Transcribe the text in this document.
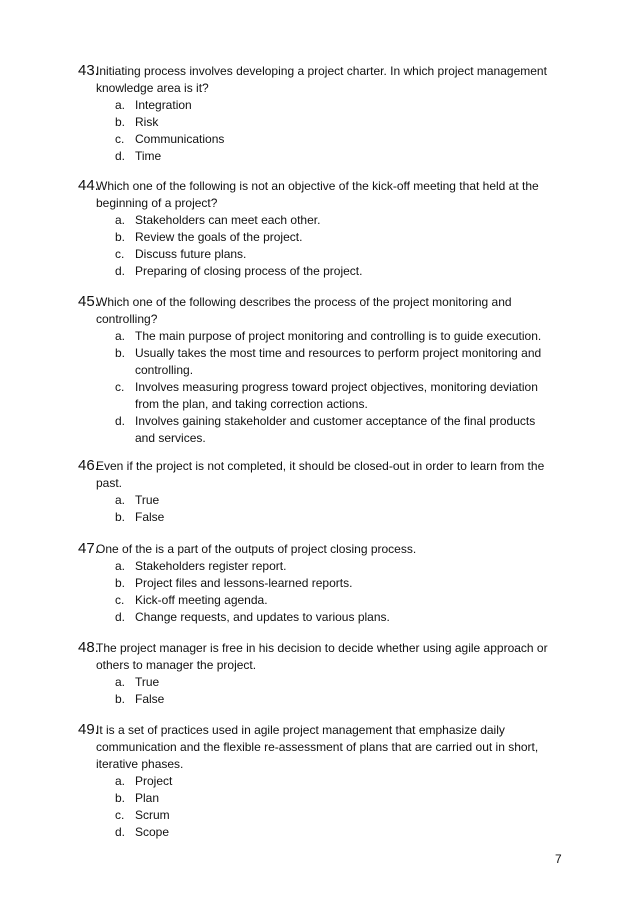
43.
Initiating process involves developing a project charter. In which project management knowledge area is it?
a. Integration
b. Risk
c. Communications
d. Time
44.
Which one of the following is not an objective of the kick-off meeting that held at the beginning of a project?
a. Stakeholders can meet each other.
b. Review the goals of the project.
c. Discuss future plans.
d. Preparing of closing process of the project.
45.
Which one of the following describes the process of the project monitoring and controlling?
a. The main purpose of project monitoring and controlling is to guide execution.
b. Usually takes the most time and resources to perform project monitoring and controlling.
c. Involves measuring progress toward project objectives, monitoring deviation from the plan, and taking correction actions.
d. Involves gaining stakeholder and customer acceptance of the final products and services.
46.
Even if the project is not completed, it should be closed-out in order to learn from the past.
a. True
b. False
47.
One of the is a part of the outputs of project closing process.
a. Stakeholders register report.
b. Project files and lessons-learned reports.
c. Kick-off meeting agenda.
d. Change requests, and updates to various plans.
48.
The project manager is free in his decision to decide whether using agile approach or others to manager the project.
a. True
b. False
49.
It is a set of practices used in agile project management that emphasize daily communication and the flexible re-assessment of plans that are carried out in short, iterative phases.
a. Project
b. Plan
c. Scrum
d. Scope
7
